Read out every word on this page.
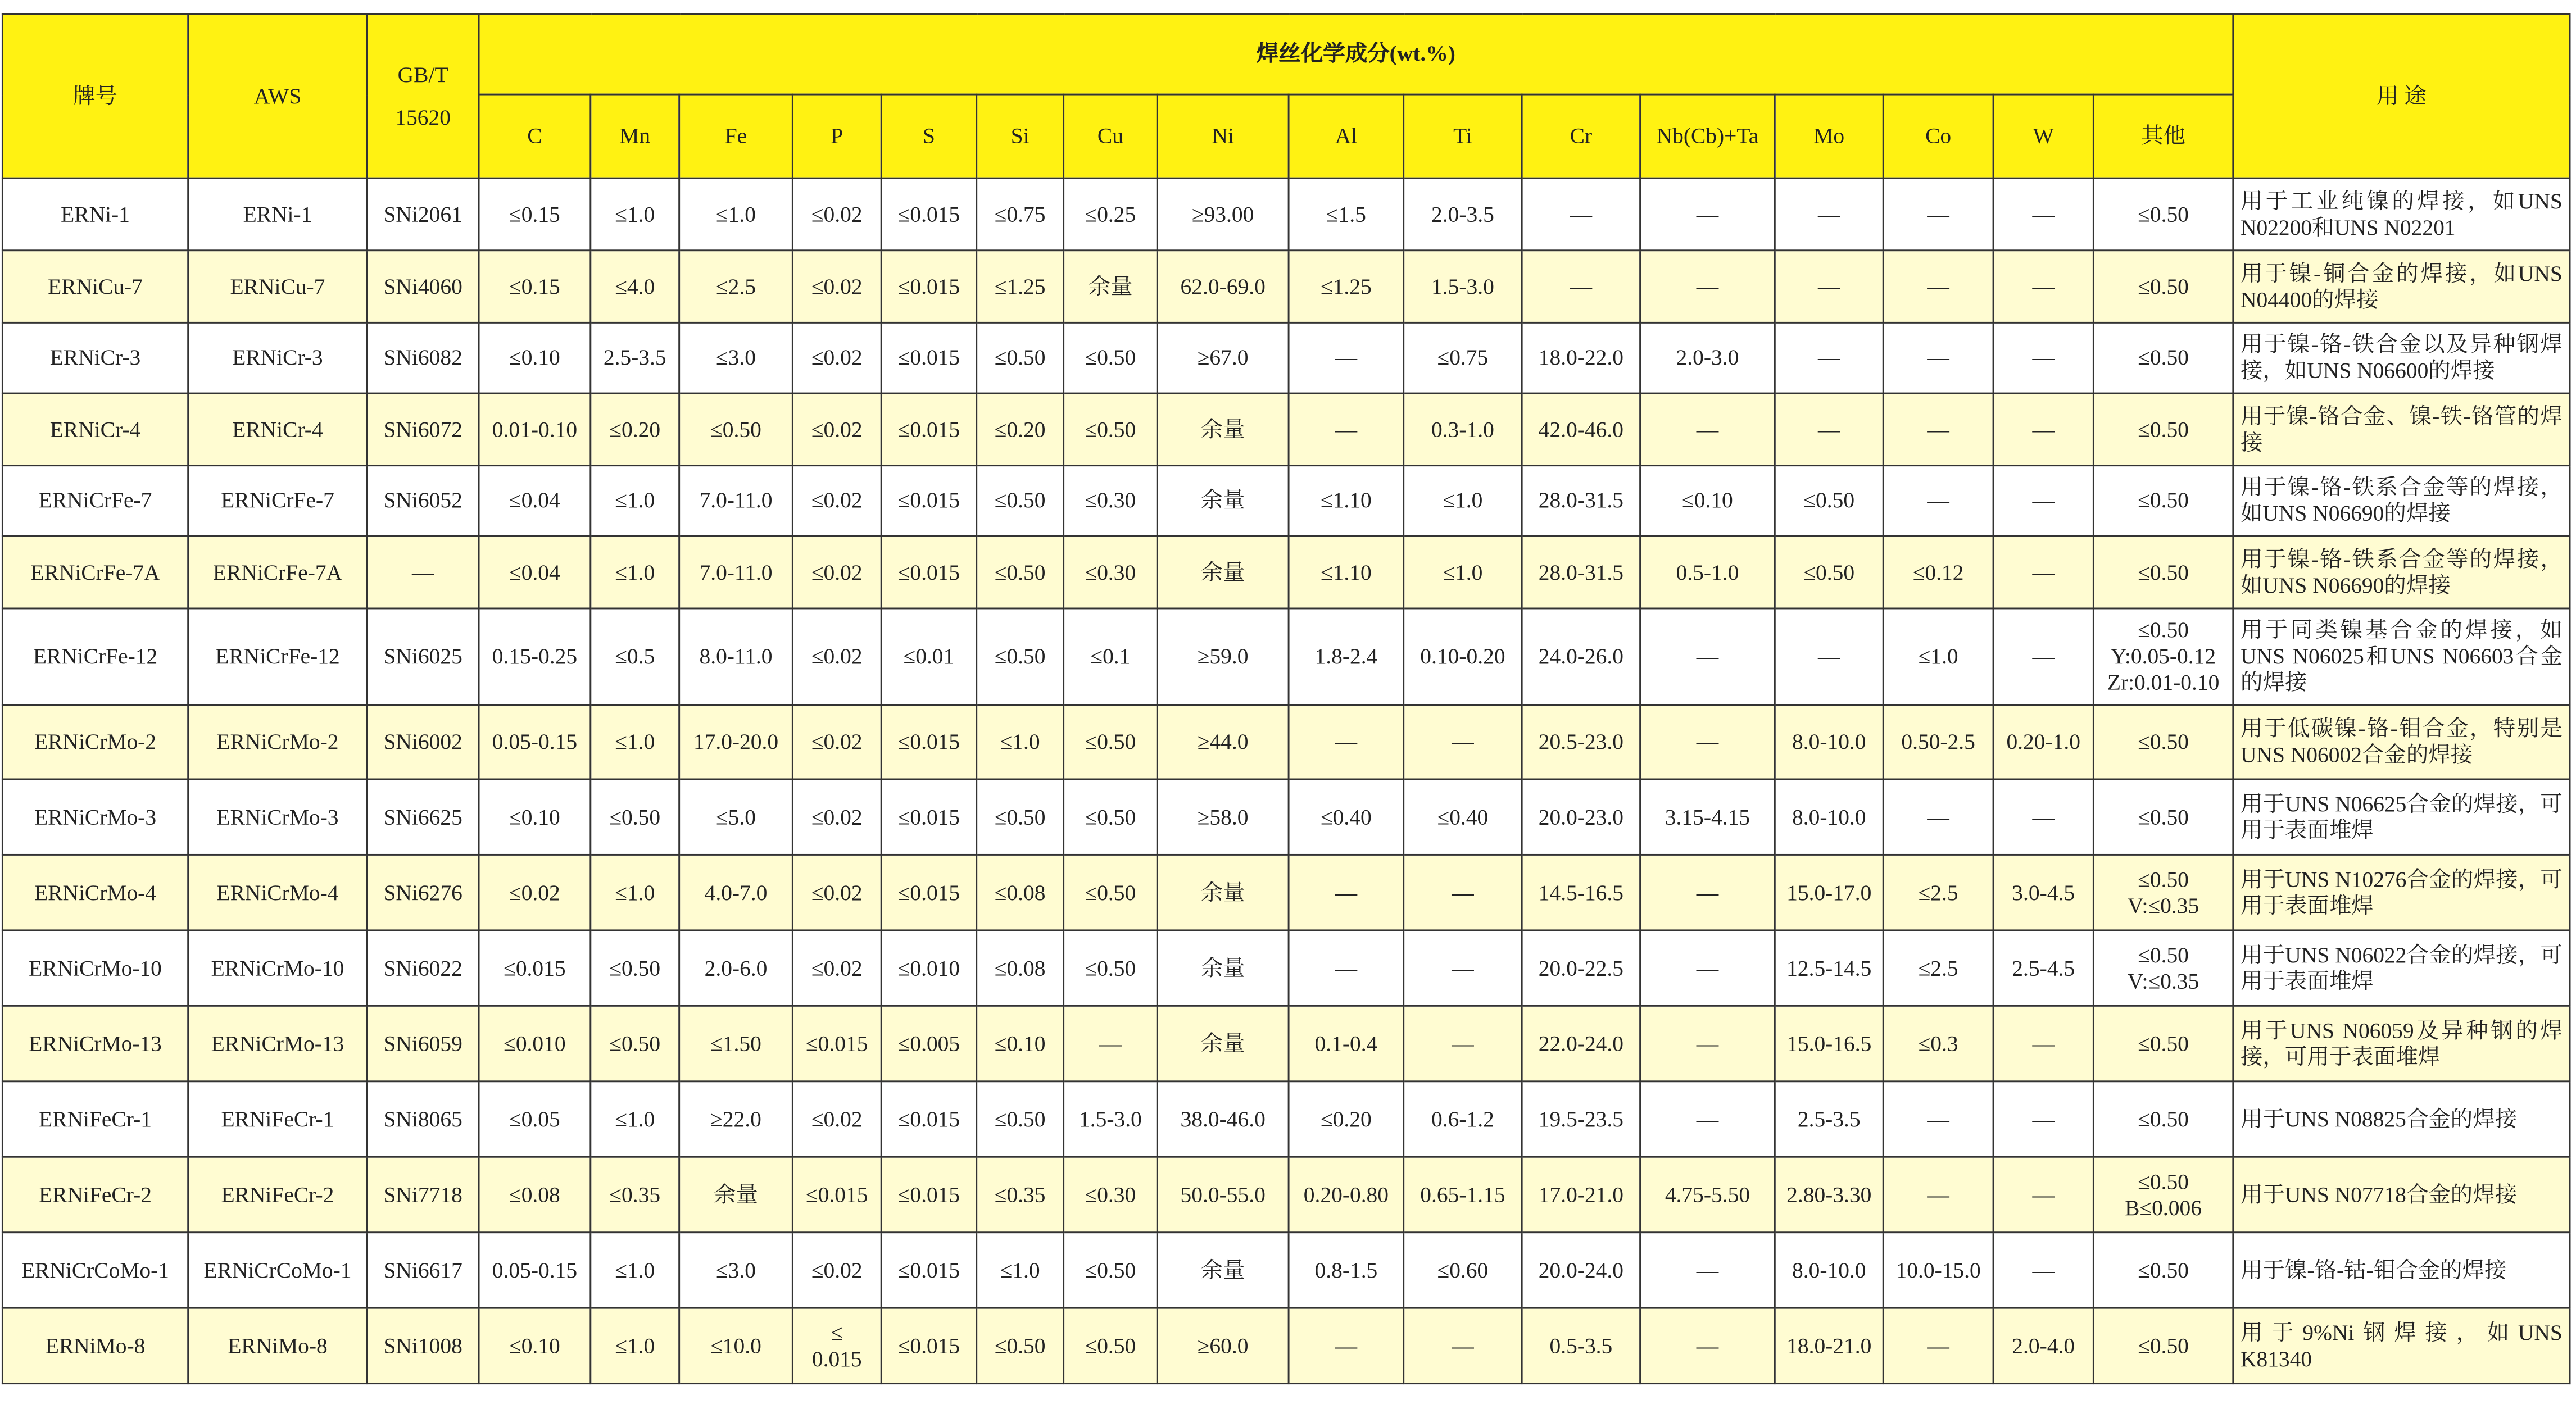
牌号	AWS	GB/T
15620	焊丝化学成分(wt.%)																用 途
			C	Mn	Fe	P	S	Si	Cu	Ni	Al	Ti	Cr	Nb(Cb)+Ta	Mo	Co	W	其他	
ERNi-1	ERNi-1	SNi2061	≤0.15	≤1.0	≤1.0	≤0.02	≤0.015	≤0.75	≤0.25	≥93.00	≤1.5	2.0-3.5	—	—	—	—	—	≤0.50	用于工业纯镍的焊接，如UNS N02200和UNS N02201
ERNiCu-7	ERNiCu-7	SNi4060	≤0.15	≤4.0	≤2.5	≤0.02	≤0.015	≤1.25	余量	62.0-69.0	≤1.25	1.5-3.0	—	—	—	—	—	≤0.50	用于镍-铜合金的焊接，如UNS N04400的焊接
ERNiCr-3	ERNiCr-3	SNi6082	≤0.10	2.5-3.5	≤3.0	≤0.02	≤0.015	≤0.50	≤0.50	≥67.0	—	≤0.75	18.0-22.0	2.0-3.0	—	—	—	≤0.50	用于镍-铬-铁合金以及异种钢焊接，如UNS N06600的焊接
ERNiCr-4	ERNiCr-4	SNi6072	0.01-0.10	≤0.20	≤0.50	≤0.02	≤0.015	≤0.20	≤0.50	余量	—	0.3-1.0	42.0-46.0	—	—	—	—	≤0.50	用于镍-铬合金、镍-铁-铬管的焊接
ERNiCrFe-7	ERNiCrFe-7	SNi6052	≤0.04	≤1.0	7.0-11.0	≤0.02	≤0.015	≤0.50	≤0.30	余量	≤1.10	≤1.0	28.0-31.5	≤0.10	≤0.50	—	—	≤0.50	用于镍-铬-铁系合金等的焊接，如UNS N06690的焊接
ERNiCrFe-7A	ERNiCrFe-7A	—	≤0.04	≤1.0	7.0-11.0	≤0.02	≤0.015	≤0.50	≤0.30	余量	≤1.10	≤1.0	28.0-31.5	0.5-1.0	≤0.50	≤0.12	—	≤0.50	用于镍-铬-铁系合金等的焊接，如UNS N06690的焊接
ERNiCrFe-12	ERNiCrFe-12	SNi6025	0.15-0.25	≤0.5	8.0-11.0	≤0.02	≤0.01	≤0.50	≤0.1	≥59.0	1.8-2.4	0.10-0.20	24.0-26.0	—	—	≤1.0	—	≤0.50
Y:0.05-0.12
Zr:0.01-0.10	用于同类镍基合金的焊接，如UNS N06025和UNS N06603合金的焊接
ERNiCrMo-2	ERNiCrMo-2	SNi6002	0.05-0.15	≤1.0	17.0-20.0	≤0.02	≤0.015	≤1.0	≤0.50	≥44.0	—	—	20.5-23.0	—	8.0-10.0	0.50-2.5	0.20-1.0	≤0.50	用于低碳镍-铬-钼合金，特别是UNS N06002合金的焊接
ERNiCrMo-3	ERNiCrMo-3	SNi6625	≤0.10	≤0.50	≤5.0	≤0.02	≤0.015	≤0.50	≤0.50	≥58.0	≤0.40	≤0.40	20.0-23.0	3.15-4.15	8.0-10.0	—	—	≤0.50	用于UNS N06625合金的焊接，可用于表面堆焊
ERNiCrMo-4	ERNiCrMo-4	SNi6276	≤0.02	≤1.0	4.0-7.0	≤0.02	≤0.015	≤0.08	≤0.50	余量	—	—	14.5-16.5	—	15.0-17.0	≤2.5	3.0-4.5	≤0.50
V:≤0.35	用于UNS N10276合金的焊接，可用于表面堆焊
ERNiCrMo-10	ERNiCrMo-10	SNi6022	≤0.015	≤0.50	2.0-6.0	≤0.02	≤0.010	≤0.08	≤0.50	余量	—	—	20.0-22.5	—	12.5-14.5	≤2.5	2.5-4.5	≤0.50
V:≤0.35	用于UNS N06022合金的焊接，可用于表面堆焊
ERNiCrMo-13	ERNiCrMo-13	SNi6059	≤0.010	≤0.50	≤1.50	≤0.015	≤0.005	≤0.10	—	余量	0.1-0.4	—	22.0-24.0	—	15.0-16.5	≤0.3	—	≤0.50	用于UNS N06059及异种钢的焊接，可用于表面堆焊
ERNiFeCr-1	ERNiFeCr-1	SNi8065	≤0.05	≤1.0	≥22.0	≤0.02	≤0.015	≤0.50	1.5-3.0	38.0-46.0	≤0.20	0.6-1.2	19.5-23.5	—	2.5-3.5	—	—	≤0.50	用于UNS N08825合金的焊接
ERNiFeCr-2	ERNiFeCr-2	SNi7718	≤0.08	≤0.35	余量	≤0.015	≤0.015	≤0.35	≤0.30	50.0-55.0	0.20-0.80	0.65-1.15	17.0-21.0	4.75-5.50	2.80-3.30	—	—	≤0.50
B≤0.006	用于UNS N07718合金的焊接
ERNiCrCoMo-1	ERNiCrCoMo-1	SNi6617	0.05-0.15	≤1.0	≤3.0	≤0.02	≤0.015	≤1.0	≤0.50	余量	0.8-1.5	≤0.60	20.0-24.0	—	8.0-10.0	10.0-15.0	—	≤0.50	用于镍-铬-钴-钼合金的焊接
ERNiMo-8	ERNiMo-8	SNi1008	≤0.10	≤1.0	≤10.0	≤
0.015	≤0.015	≤0.50	≤0.50	≥60.0	—	—	0.5-3.5	—	18.0-21.0	—	2.0-4.0	≤0.50	用于9%Ni钢焊接，如UNS K81340
